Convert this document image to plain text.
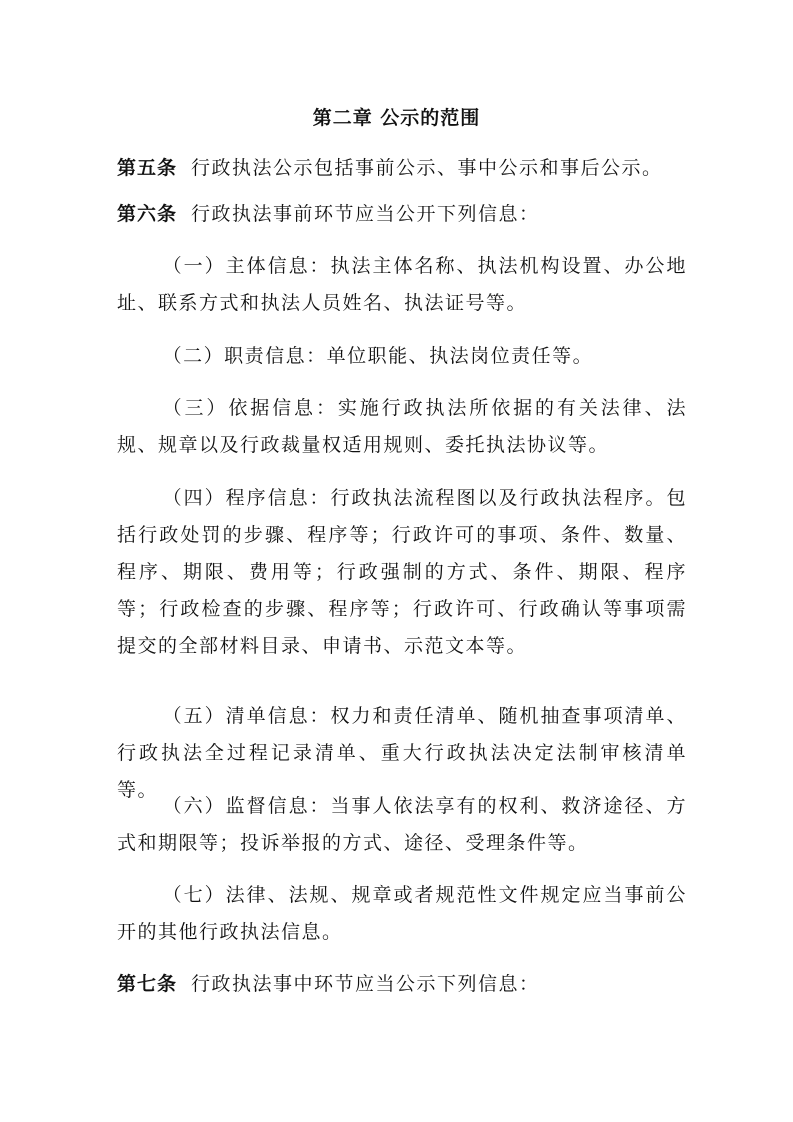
第二章 公示的范围
第五条 行政执法公示包括事前公示、事中公示和事后公示。
第六条 行政执法事前环节应当公开下列信息：
（一）主体信息：执法主体名称、执法机构设置、办公地址、联系方式和执法人员姓名、执法证号等。
（二）职责信息：单位职能、执法岗位责任等。
（三）依据信息：实施行政执法所依据的有关法律、法规、规章以及行政裁量权适用规则、委托执法协议等。
（四）程序信息：行政执法流程图以及行政执法程序。包括行政处罚的步骤、程序等；行政许可的事项、条件、数量、程序、期限、费用等；行政强制的方式、条件、期限、程序等；行政检查的步骤、程序等；行政许可、行政确认等事项需提交的全部材料目录、申请书、示范文本等。
（五）清单信息：权力和责任清单、随机抽查事项清单、行政执法全过程记录清单、重大行政执法决定法制审核清单等。
（六）监督信息：当事人依法享有的权利、救济途径、方式和期限等；投诉举报的方式、途径、受理条件等。
（七）法律、法规、规章或者规范性文件规定应当事前公开的其他行政执法信息。
第七条 行政执法事中环节应当公示下列信息：
